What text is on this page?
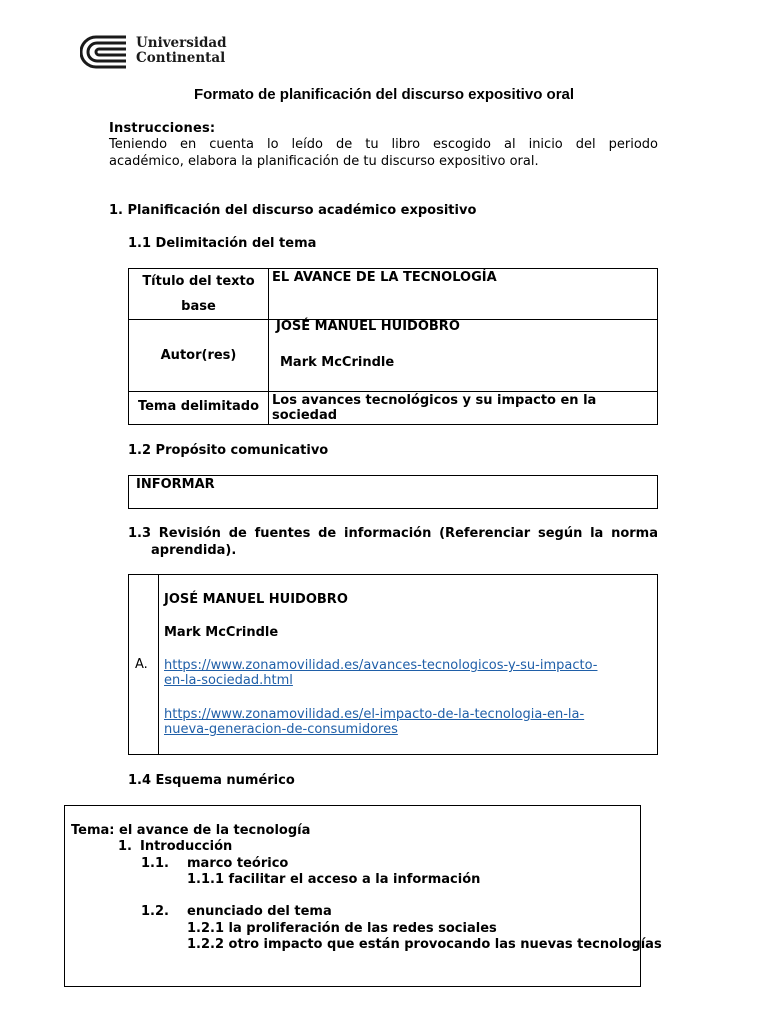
Universidad
Continental
Formato de planificación del discurso expositivo oral
Instrucciones:
Teniendo en cuenta lo leído de tu libro escogido al inicio del periodo
académico, elabora la planificación de tu discurso expositivo oral.
1. Planificación del discurso académico expositivo
1.1 Delimitación del tema
Título del texto
base
EL AVANCE DE LA TECNOLOGÍA
Autor(res)
JOSÉ MANUEL HUIDOBRO
Mark McCrindle
Tema delimitado Los avances tecnológicos y su impacto en la sociedad
1.2 Propósito comunicativo
INFORMAR
1.3 Revisión de fuentes de información (Referenciar según la norma
aprendida).
A.
JOSÉ MANUEL HUIDOBRO
Mark McCrindle
https://www.zonamovilidad.es/avances-tecnologicos-y-su-impacto-
en-la-sociedad.html
https://www.zonamovilidad.es/el-impacto-de-la-tecnologia-en-la-
nueva-generacion-de-consumidores
1.4 Esquema numérico
Tema: el avance de la tecnología
1. Introducción
1.1. marco teórico
1.1.1 facilitar el acceso a la información
1.2. enunciado del tema
1.2.1 la proliferación de las redes sociales
1.2.2 otro impacto que están provocando las nuevas tecnologías
